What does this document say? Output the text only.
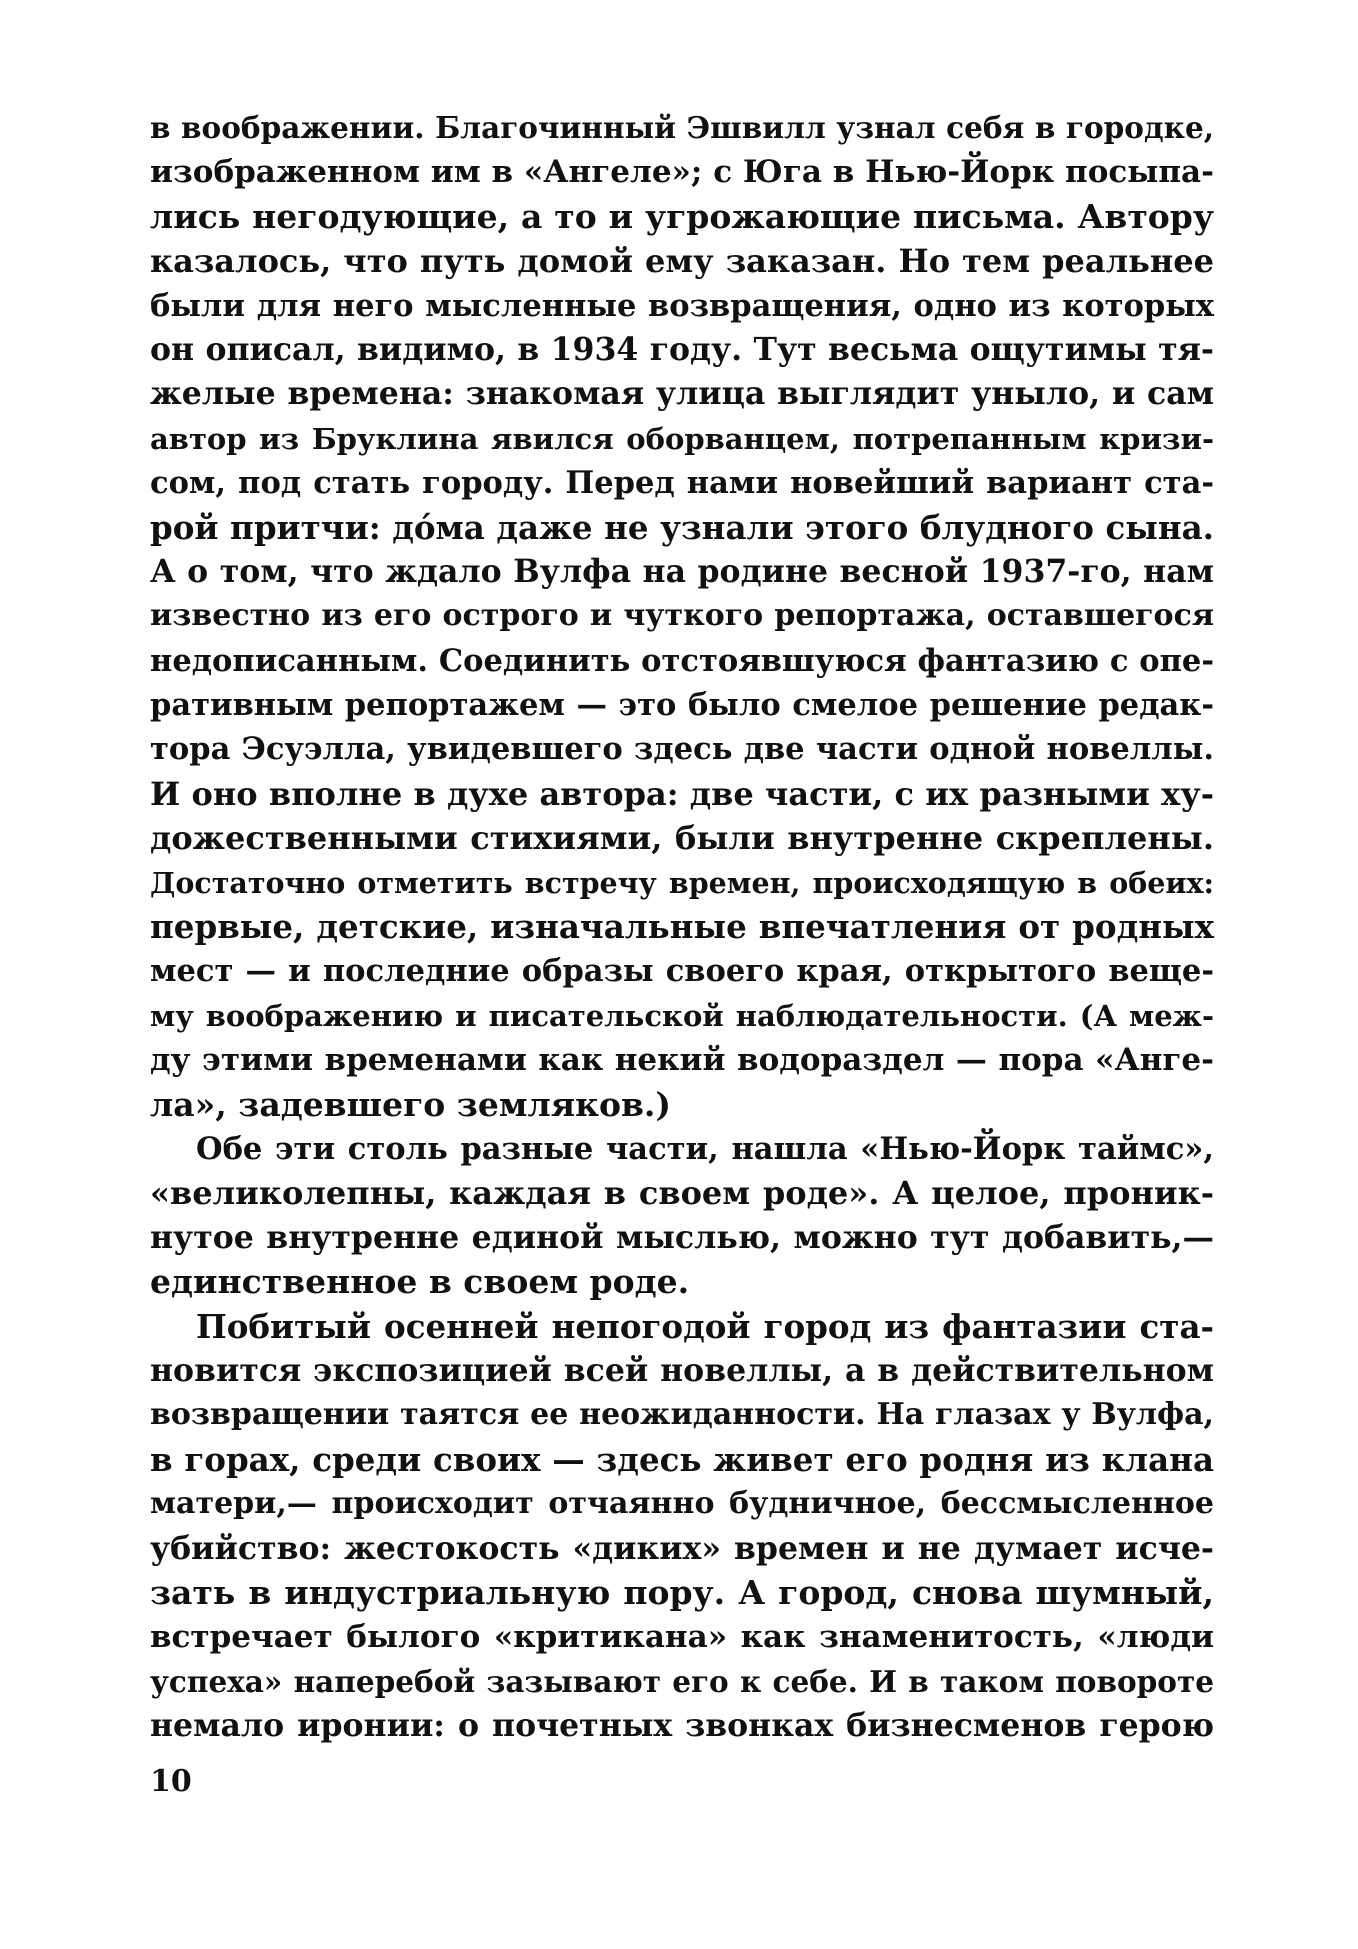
в воображении. Благочинный Эшвилл узнал себя в городке,
изображенном им в «Ангеле»; с Юга в Нью-Йорк посыпа-
лись негодующие, а то и угрожающие письма. Автору
казалось, что путь домой ему заказан. Но тем реальнее
были для него мысленные возвращения, одно из которых
он описал, видимо, в 1934 году. Тут весьма ощутимы тя-
желые времена: знакомая улица выглядит уныло, и сам
автор из Бруклина явился оборванцем, потрепанным кризи-
сом, под стать городу. Перед нами новейший вариант ста-
рой притчи: дóма даже не узнали этого блудного сына.
А о том, что ждало Вулфа на родине весной 1937-го, нам
известно из его острого и чуткого репортажа, оставшегося
недописанным. Соединить отстоявшуюся фантазию с опе-
ративным репортажем — это было смелое решение редак-
тора Эсуэлла, увидевшего здесь две части одной новеллы.
И оно вполне в духе автора: две части, с их разными ху-
дожественными стихиями, были внутренне скреплены.
Достаточно отметить встречу времен, происходящую в обеих:
первые, детские, изначальные впечатления от родных
мест — и последние образы своего края, открытого веще-
му воображению и писательской наблюдательности. (А меж-
ду этими временами как некий водораздел — пора «Анге-
ла», задевшего земляков.)
Обе эти столь разные части, нашла «Нью-Йорк таймс»,
«великолепны, каждая в своем роде». А целое, проник-
нутое внутренне единой мыслью, можно тут добавить,—
единственное в своем роде.
Побитый осенней непогодой город из фантазии ста-
новится экспозицией всей новеллы, а в действительном
возвращении таятся ее неожиданности. На глазах у Вулфа,
в горах, среди своих — здесь живет его родня из клана
матери,— происходит отчаянно будничное, бессмысленное
убийство: жестокость «диких» времен и не думает исче-
зать в индустриальную пору. А город, снова шумный,
встречает былого «критикана» как знаменитость, «люди
успеха» наперебой зазывают его к себе. И в таком повороте
немало иронии: о почетных звонках бизнесменов герою
10
